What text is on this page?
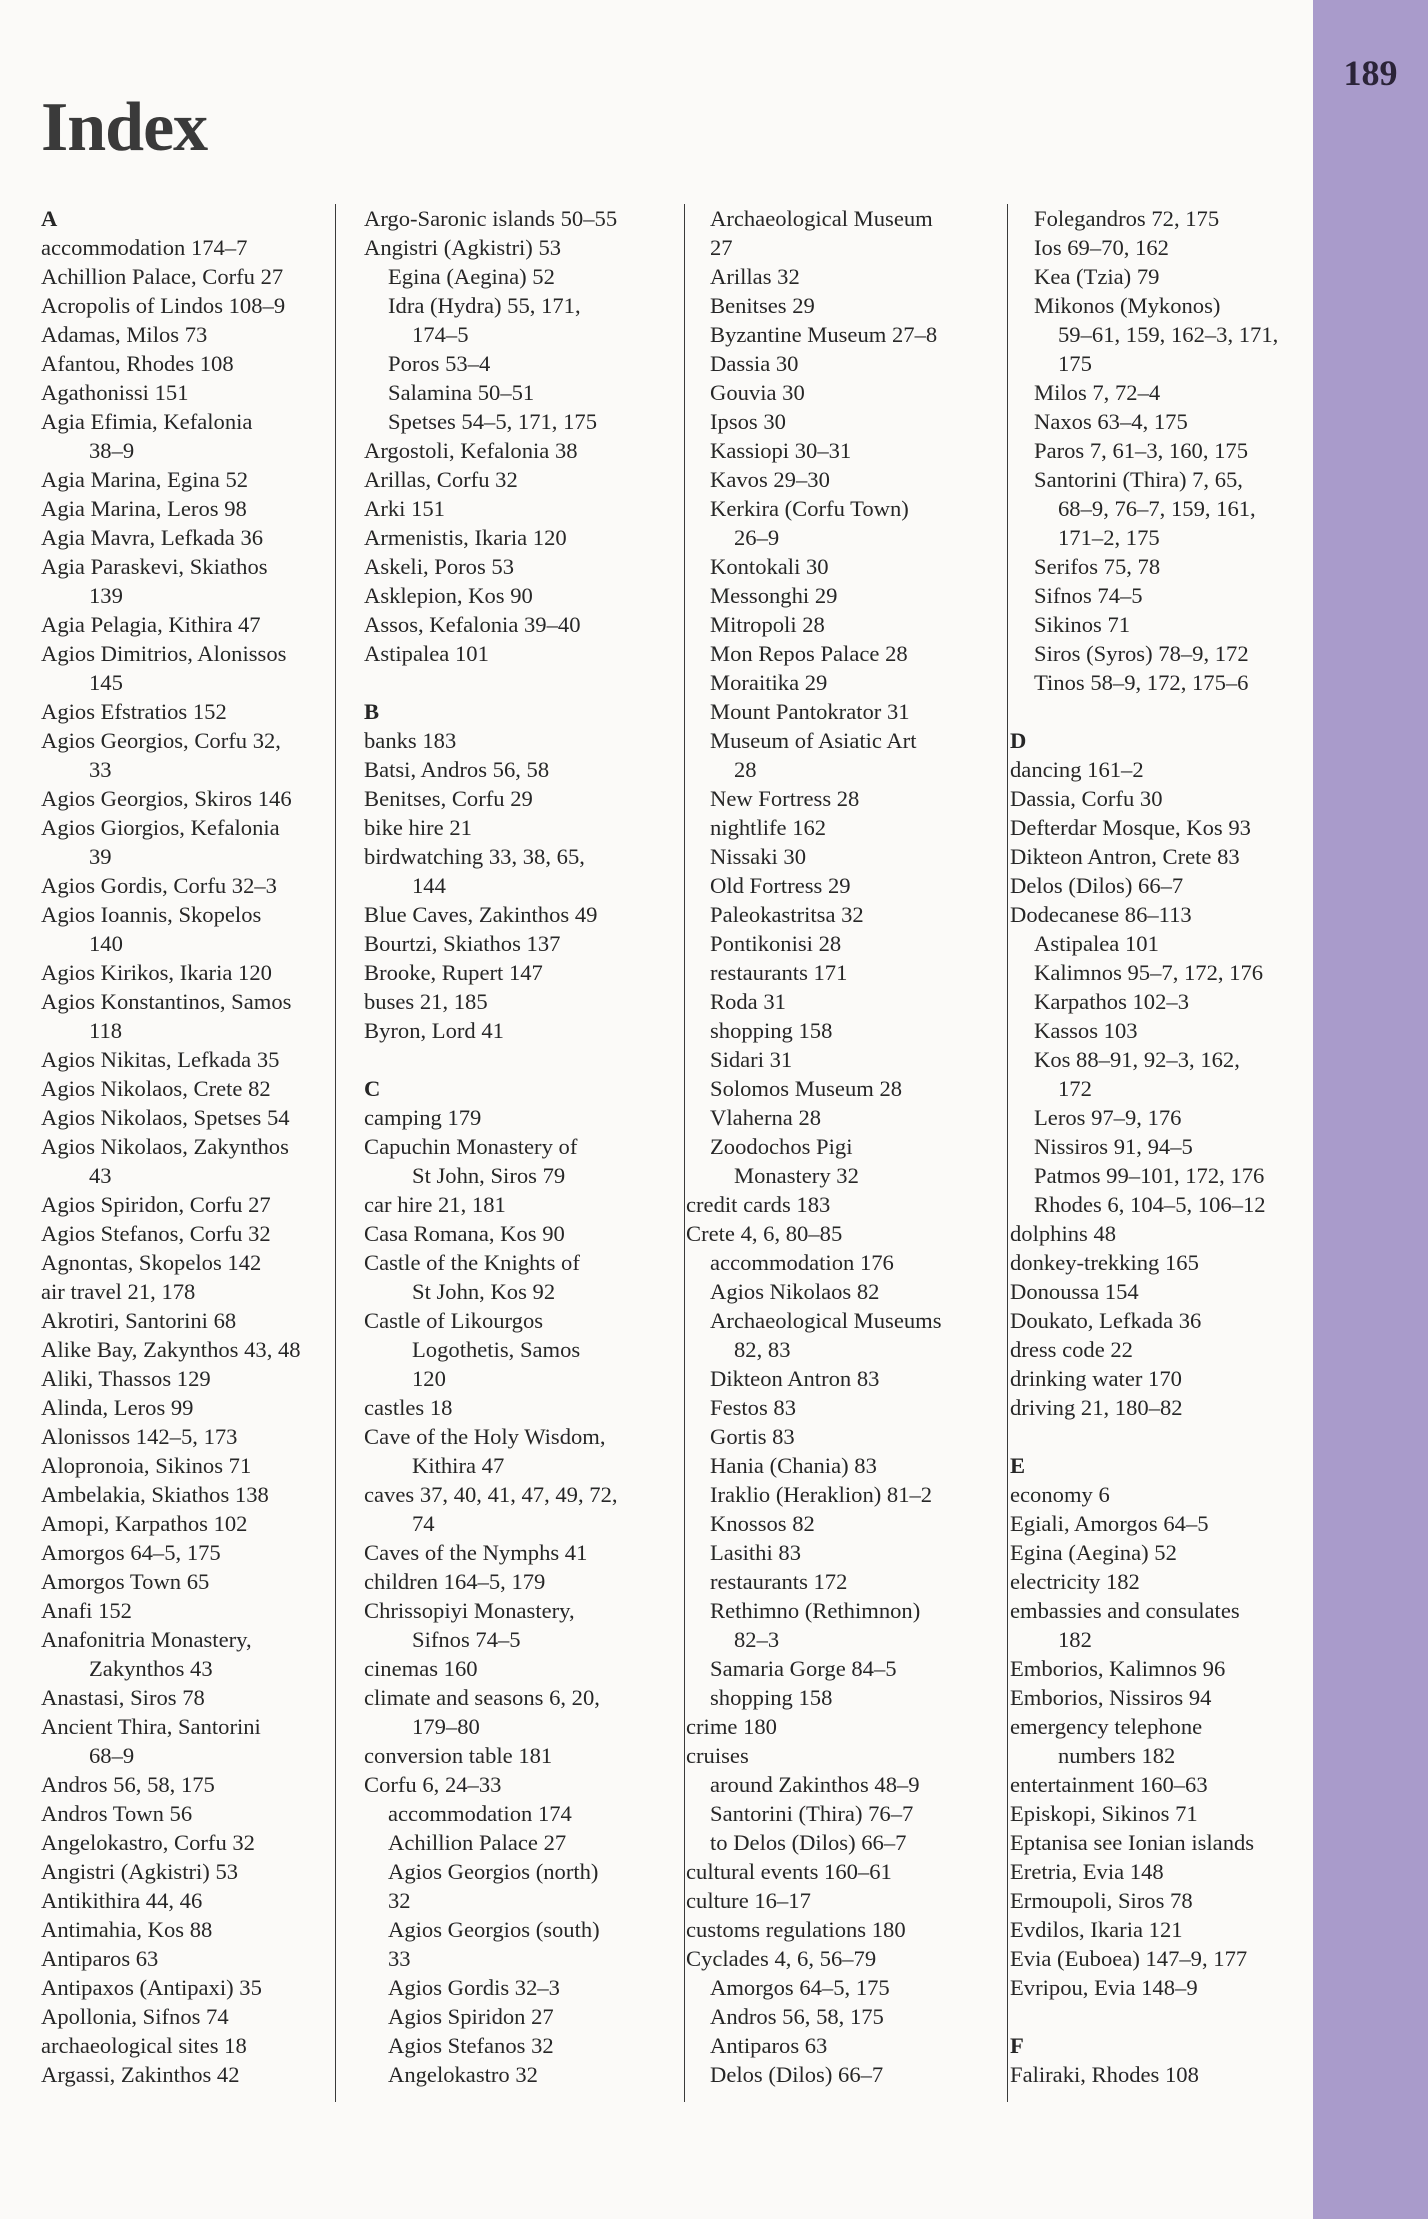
189
Index
A
accommodation 174–7
Achillion Palace, Corfu 27
Acropolis of Lindos 108–9
Adamas, Milos 73
Afantou, Rhodes 108
Agathonissi 151
Agia Efimia, Kefalonia
38–9
Agia Marina, Egina 52
Agia Marina, Leros 98
Agia Mavra, Lefkada 36
Agia Paraskevi, Skiathos
139
Agia Pelagia, Kithira 47
Agios Dimitrios, Alonissos
145
Agios Efstratios 152
Agios Georgios, Corfu 32,
33
Agios Georgios, Skiros 146
Agios Giorgios, Kefalonia
39
Agios Gordis, Corfu 32–3
Agios Ioannis, Skopelos
140
Agios Kirikos, Ikaria 120
Agios Konstantinos, Samos
118
Agios Nikitas, Lefkada 35
Agios Nikolaos, Crete 82
Agios Nikolaos, Spetses 54
Agios Nikolaos, Zakynthos
43
Agios Spiridon, Corfu 27
Agios Stefanos, Corfu 32
Agnontas, Skopelos 142
air travel 21, 178
Akrotiri, Santorini 68
Alike Bay, Zakynthos 43, 48
Aliki, Thassos 129
Alinda, Leros 99
Alonissos 142–5, 173
Alopronoia, Sikinos 71
Ambelakia, Skiathos 138
Amopi, Karpathos 102
Amorgos 64–5, 175
Amorgos Town 65
Anafi 152
Anafonitria Monastery,
Zakynthos 43
Anastasi, Siros 78
Ancient Thira, Santorini
68–9
Andros 56, 58, 175
Andros Town 56
Angelokastro, Corfu 32
Angistri (Agkistri) 53
Antikithira 44, 46
Antimahia, Kos 88
Antiparos 63
Antipaxos (Antipaxi) 35
Apollonia, Sifnos 74
archaeological sites 18
Argassi, Zakinthos 42
Argo-Saronic islands 50–55
Angistri (Agkistri) 53
Egina (Aegina) 52
Idra (Hydra) 55, 171,
174–5
Poros 53–4
Salamina 50–51
Spetses 54–5, 171, 175
Argostoli, Kefalonia 38
Arillas, Corfu 32
Arki 151
Armenistis, Ikaria 120
Askeli, Poros 53
Asklepion, Kos 90
Assos, Kefalonia 39–40
Astipalea 101
B
banks 183
Batsi, Andros 56, 58
Benitses, Corfu 29
bike hire 21
birdwatching 33, 38, 65,
144
Blue Caves, Zakinthos 49
Bourtzi, Skiathos 137
Brooke, Rupert 147
buses 21, 185
Byron, Lord 41
C
camping 179
Capuchin Monastery of
St John, Siros 79
car hire 21, 181
Casa Romana, Kos 90
Castle of the Knights of
St John, Kos 92
Castle of Likourgos
Logothetis, Samos
120
castles 18
Cave of the Holy Wisdom,
Kithira 47
caves 37, 40, 41, 47, 49, 72,
74
Caves of the Nymphs 41
children 164–5, 179
Chrissopiyi Monastery,
Sifnos 74–5
cinemas 160
climate and seasons 6, 20,
179–80
conversion table 181
Corfu 6, 24–33
accommodation 174
Achillion Palace 27
Agios Georgios (north)
32
Agios Georgios (south)
33
Agios Gordis 32–3
Agios Spiridon 27
Agios Stefanos 32
Angelokastro 32
Archaeological Museum
27
Arillas 32
Benitses 29
Byzantine Museum 27–8
Dassia 30
Gouvia 30
Ipsos 30
Kassiopi 30–31
Kavos 29–30
Kerkira (Corfu Town)
26–9
Kontokali 30
Messonghi 29
Mitropoli 28
Mon Repos Palace 28
Moraitika 29
Mount Pantokrator 31
Museum of Asiatic Art
28
New Fortress 28
nightlife 162
Nissaki 30
Old Fortress 29
Paleokastritsa 32
Pontikonisi 28
restaurants 171
Roda 31
shopping 158
Sidari 31
Solomos Museum 28
Vlaherna 28
Zoodochos Pigi
Monastery 32
credit cards 183
Crete 4, 6, 80–85
accommodation 176
Agios Nikolaos 82
Archaeological Museums
82, 83
Dikteon Antron 83
Festos 83
Gortis 83
Hania (Chania) 83
Iraklio (Heraklion) 81–2
Knossos 82
Lasithi 83
restaurants 172
Rethimno (Rethimnon)
82–3
Samaria Gorge 84–5
shopping 158
crime 180
cruises
around Zakinthos 48–9
Santorini (Thira) 76–7
to Delos (Dilos) 66–7
cultural events 160–61
culture 16–17
customs regulations 180
Cyclades 4, 6, 56–79
Amorgos 64–5, 175
Andros 56, 58, 175
Antiparos 63
Delos (Dilos) 66–7
Folegandros 72, 175
Ios 69–70, 162
Kea (Tzia) 79
Mikonos (Mykonos)
59–61, 159, 162–3, 171,
175
Milos 7, 72–4
Naxos 63–4, 175
Paros 7, 61–3, 160, 175
Santorini (Thira) 7, 65,
68–9, 76–7, 159, 161,
171–2, 175
Serifos 75, 78
Sifnos 74–5
Sikinos 71
Siros (Syros) 78–9, 172
Tinos 58–9, 172, 175–6
D
dancing 161–2
Dassia, Corfu 30
Defterdar Mosque, Kos 93
Dikteon Antron, Crete 83
Delos (Dilos) 66–7
Dodecanese 86–113
Astipalea 101
Kalimnos 95–7, 172, 176
Karpathos 102–3
Kassos 103
Kos 88–91, 92–3, 162,
172
Leros 97–9, 176
Nissiros 91, 94–5
Patmos 99–101, 172, 176
Rhodes 6, 104–5, 106–12
dolphins 48
donkey-trekking 165
Donoussa 154
Doukato, Lefkada 36
dress code 22
drinking water 170
driving 21, 180–82
E
economy 6
Egiali, Amorgos 64–5
Egina (Aegina) 52
electricity 182
embassies and consulates
182
Emborios, Kalimnos 96
Emborios, Nissiros 94
emergency telephone
numbers 182
entertainment 160–63
Episkopi, Sikinos 71
Eptanisa see Ionian islands
Eretria, Evia 148
Ermoupoli, Siros 78
Evdilos, Ikaria 121
Evia (Euboea) 147–9, 177
Evripou, Evia 148–9
F
Faliraki, Rhodes 108
